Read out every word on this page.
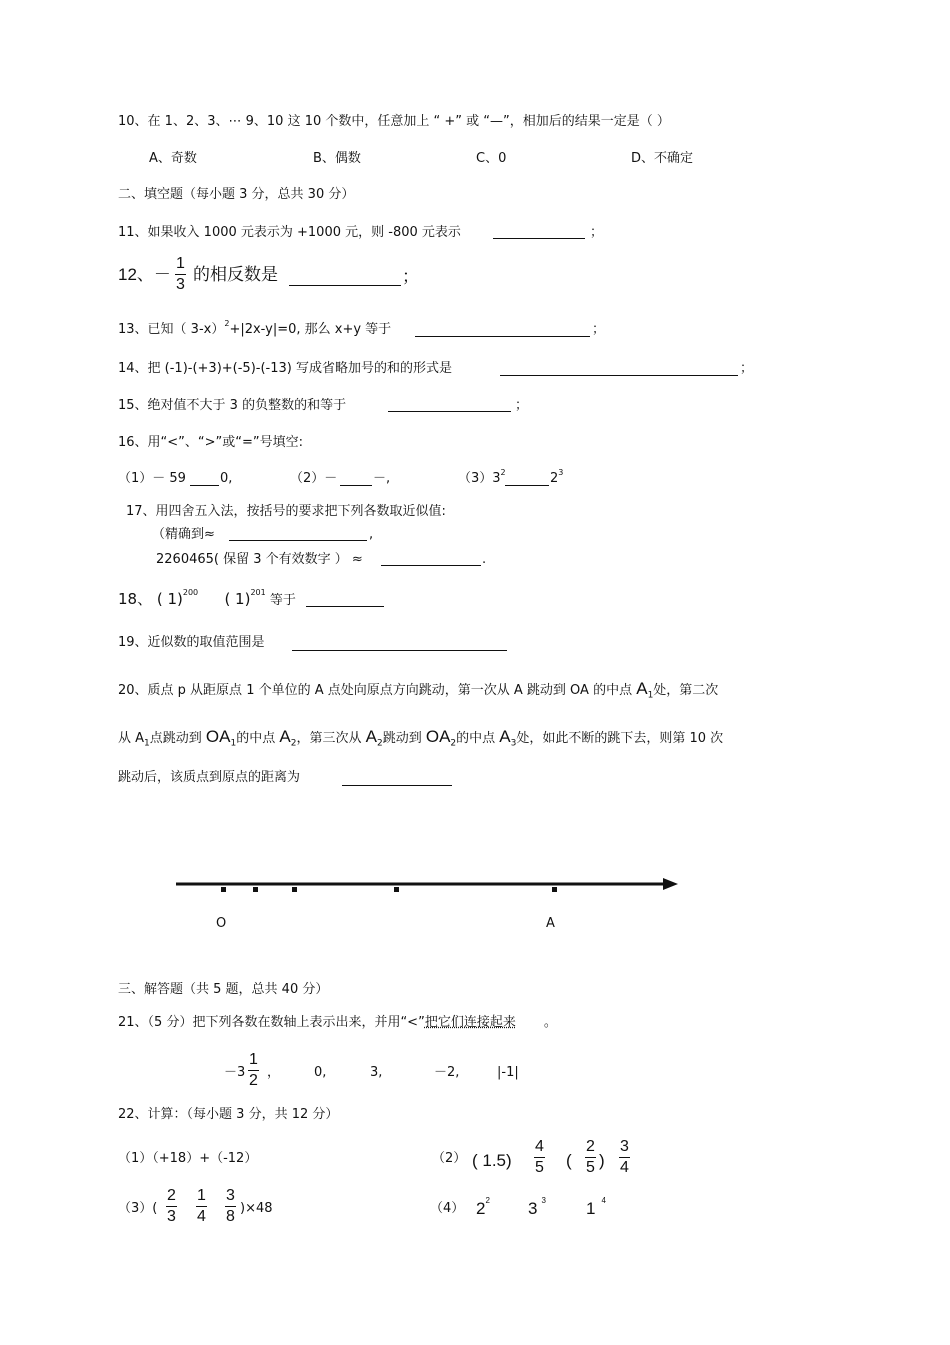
10、在 1、2、3、⋯ 9、10 这 10 个数中，任意加上 “ +” 或 “—”，相加后的结果一定是（ ）
A、奇数	B、偶数	C、0	D、不确定
二、填空题（每小题 3 分，总共 30 分）
11、如果收入 1000 元表示为 +1000 元，则 -800 元表示	；
12、－
1
3
的相反数是	；
13、已知（ 3-x）$^2$+|2x-y|=0, 那么 x+y 等于	；
14、把 (-1)-(+3)+(-5)-(-13) 写成省略加号的和的形式是	；
15、绝对值不大于 3 的负整数的和等于	；
16、用“<”、“>”或“=”号填空:
（1）－ 59	0,	（2）－	－,	$(3)3^2$	$2^3$
17、用四舍五入法，按括号的要求把下列各数取近似值:
（精确到≈	,
2260465( 保留 3 个有效数字 ） ≈	.
18、 ( 1)$^{200}$ ( 1)$^{201}$ 等于
19、近似数的取值范围是
20、质点 p 从距原点 1 个单位的 A 点处向原点方向跳动，第一次从 A 跳动到 OA 的中点 $A_1$处，第二次
从 $A_1$点跳动到 $OA_1$的中点 $A_2$，第三次从 $A_2$跳动到 $OA_2$的中点 $A_3$处，如此不断的跳下去，则第 10 次
跳动后，该质点到原点的距离为
O	A
三、解答题（共 5 题，总共 40 分）
21、（5 分）把下列各数在数轴上表示出来，并用“<”把它们连接起来 。
－3
1
2 ，	0,	3,	－2,	|-1|
22、计算：（每小题 3 分，共 12 分）
（1）（+18）+（-12）	（2） ( 1.5)
4
5 (
2
5 )
3
4
（3）(
2
3
1
4
3
8 )×48	（4） $2^2$ 3 $^3$ 1 $^4$
